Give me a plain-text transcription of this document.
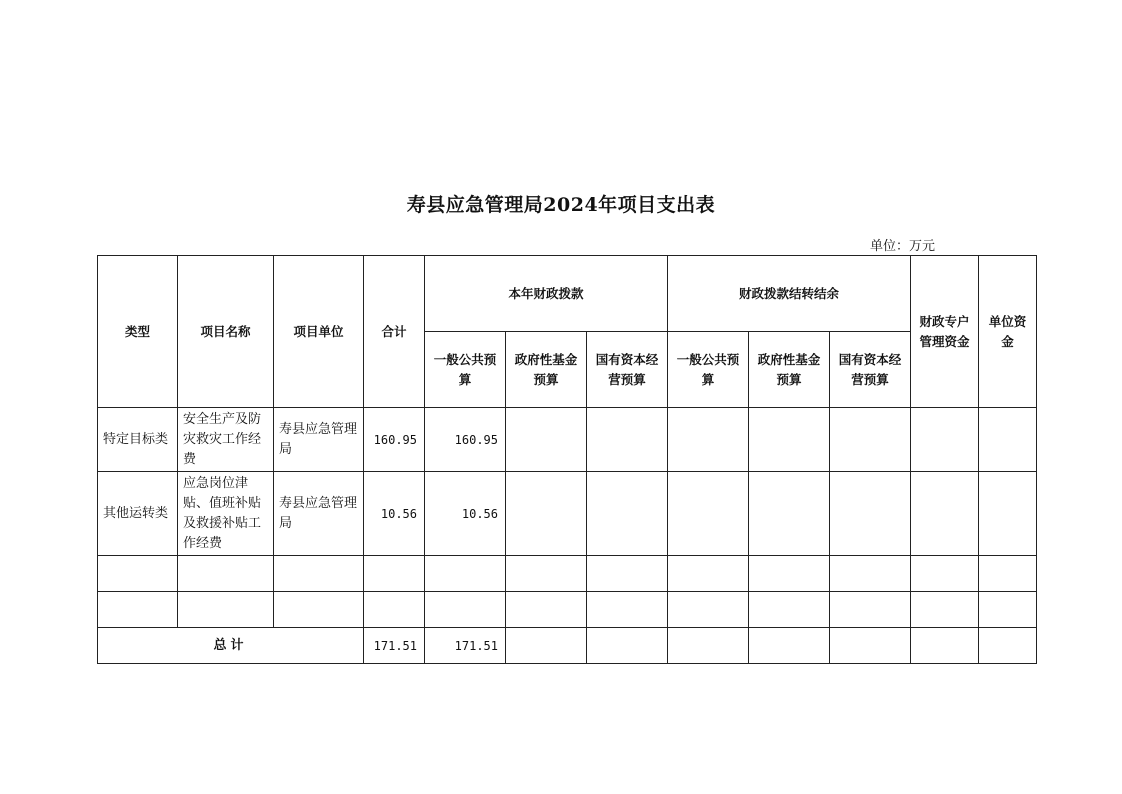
寿县应急管理局2024年项目支出表
单位：万元
类型	项目名称	项目单位	合计	本年财政拨款			财政拨款结转结余			财政专户管理资金	单位资金
				一般公共预算	政府性基金预算	国有资本经营预算	一般公共预算	政府性基金预算	国有资本经营预算		
特定目标类	安全生产及防灾救灾工作经费	寿县应急管理局	160.95	160.95							
其他运转类	应急岗位津贴、值班补贴及救援补贴工作经费	寿县应急管理局	10.56	10.56							

总计			171.51	171.51							
